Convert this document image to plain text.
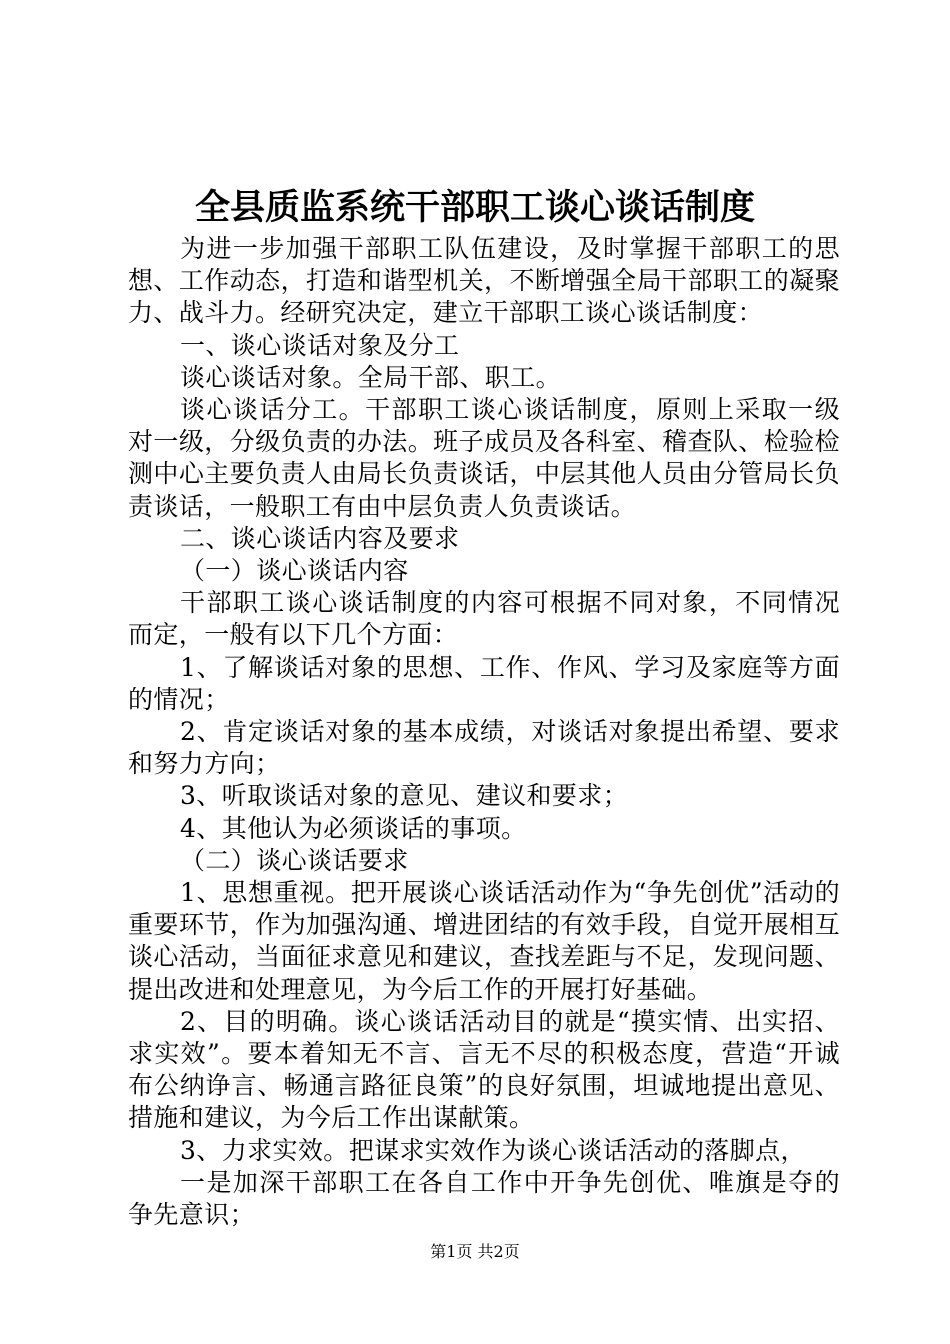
全县质监系统干部职工谈心谈话制度

为进一步加强干部职工队伍建设，及时掌握干部职工的思想、工作动态，打造和谐型机关，不断增强全局干部职工的凝聚力、战斗力。经研究决定，建立干部职工谈心谈话制度：

一、谈心谈话对象及分工

谈心谈话对象。全局干部、职工。

谈心谈话分工。干部职工谈心谈话制度，原则上采取一级对一级，分级负责的办法。班子成员及各科室、稽查队、检验检测中心主要负责人由局长负责谈话，中层其他人员由分管局长负责谈话，一般职工有由中层负责人负责谈话。

二、谈心谈话内容及要求

（一）谈心谈话内容

干部职工谈心谈话制度的内容可根据不同对象，不同情况而定，一般有以下几个方面：

1、了解谈话对象的思想、工作、作风、学习及家庭等方面的情况；

2、肯定谈话对象的基本成绩，对谈话对象提出希望、要求和努力方向；

3、听取谈话对象的意见、建议和要求；

4、其他认为必须谈话的事项。

（二）谈心谈话要求

1、思想重视。把开展谈心谈话活动作为“争先创优”活动的重要环节，作为加强沟通、增进团结的有效手段，自觉开展相互谈心活动，当面征求意见和建议，查找差距与不足，发现问题、提出改进和处理意见，为今后工作的开展打好基础。

2、目的明确。谈心谈话活动目的就是“摸实情、出实招、求实效”。要本着知无不言、言无不尽的积极态度，营造“开诚布公纳诤言、畅通言路征良策”的良好氛围，坦诚地提出意见、措施和建议，为今后工作出谋献策。

3、力求实效。把谋求实效作为谈心谈话活动的落脚点，

一是加深干部职工在各自工作中开争先创优、唯旗是夺的争先意识；

第1页 共2页
